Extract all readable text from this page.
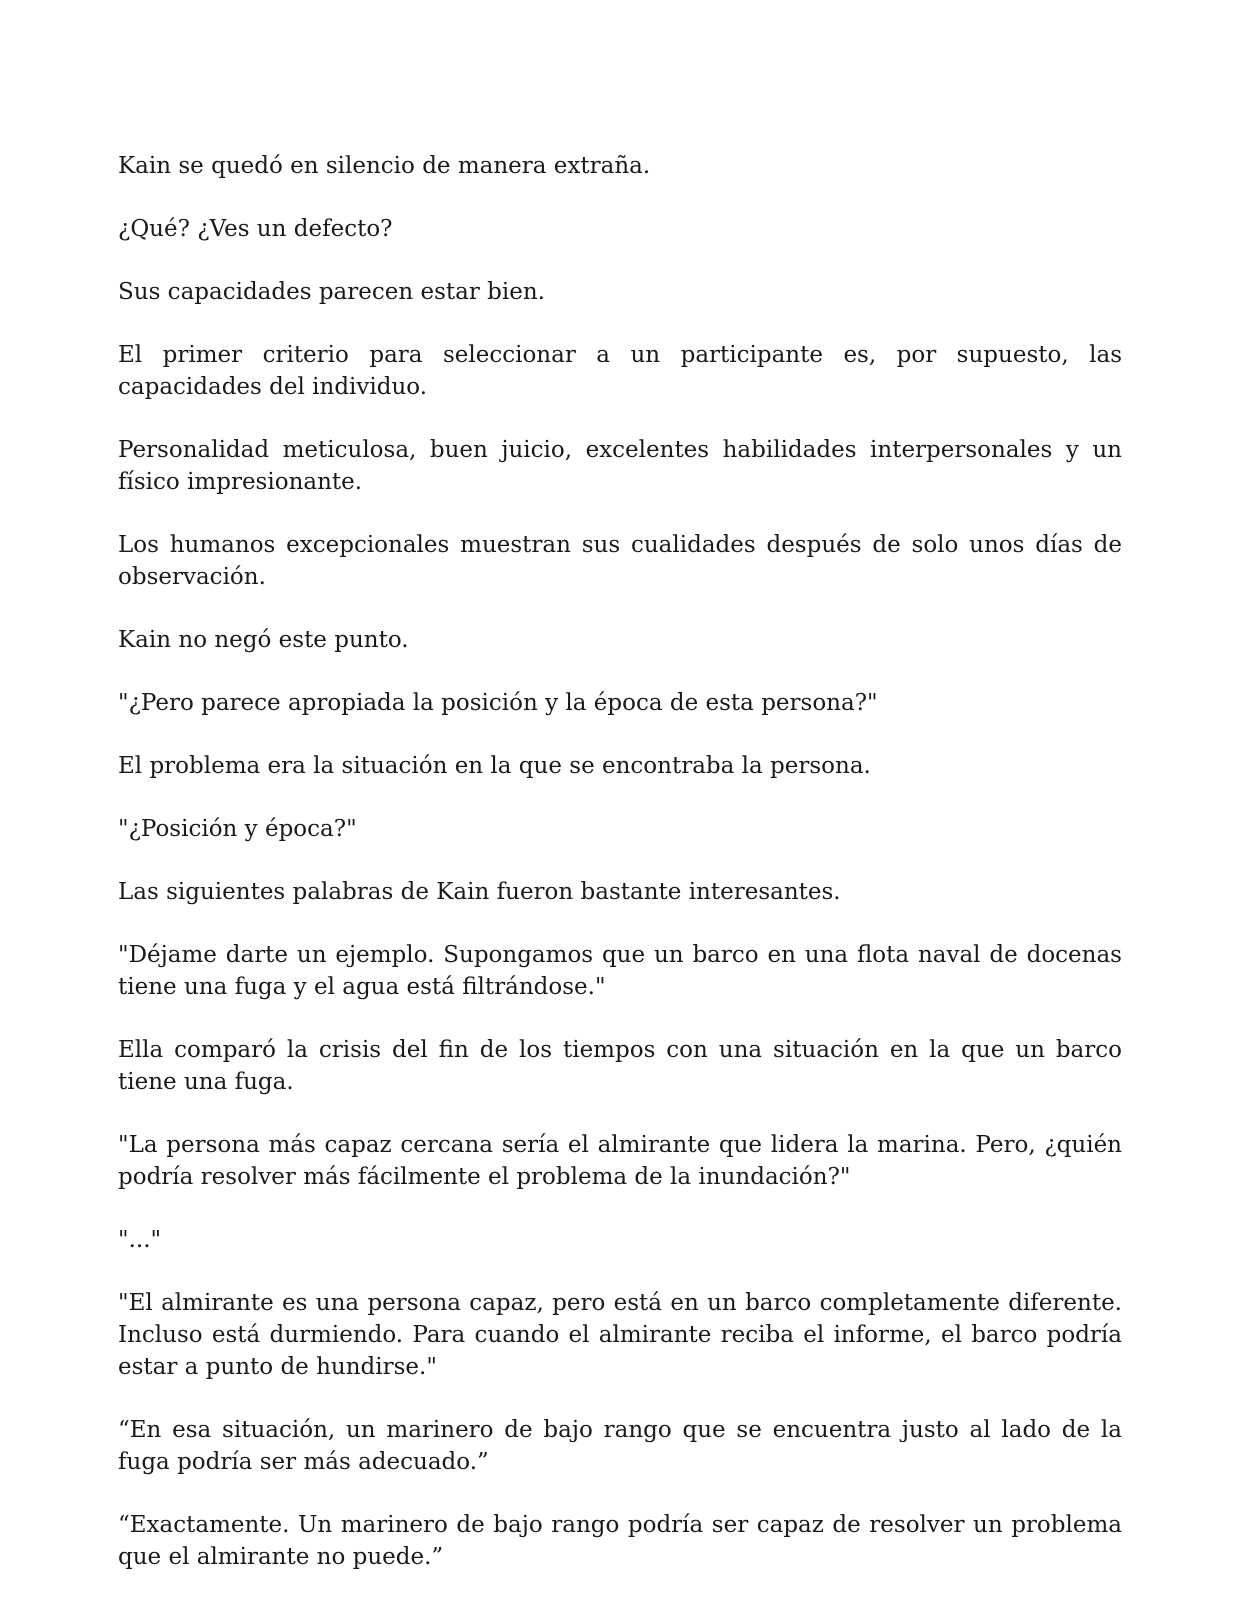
Kain se quedó en silencio de manera extraña.

¿Qué? ¿Ves un defecto?

Sus capacidades parecen estar bien.

El primer criterio para seleccionar a un participante es, por supuesto, las capacidades del individuo.

Personalidad meticulosa, buen juicio, excelentes habilidades interpersonales y un físico impresionante.

Los humanos excepcionales muestran sus cualidades después de solo unos días de observación.

Kain no negó este punto.

"¿Pero parece apropiada la posición y la época de esta persona?"

El problema era la situación en la que se encontraba la persona.

"¿Posición y época?"

Las siguientes palabras de Kain fueron bastante interesantes.

"Déjame darte un ejemplo. Supongamos que un barco en una flota naval de docenas tiene una fuga y el agua está filtrándose."

Ella comparó la crisis del fin de los tiempos con una situación en la que un barco tiene una fuga.

"La persona más capaz cercana sería el almirante que lidera la marina. Pero, ¿quién podría resolver más fácilmente el problema de la inundación?"

"..."

"El almirante es una persona capaz, pero está en un barco completamente diferente. Incluso está durmiendo. Para cuando el almirante reciba el informe, el barco podría estar a punto de hundirse."

“En esa situación, un marinero de bajo rango que se encuentra justo al lado de la fuga podría ser más adecuado.”

“Exactamente. Un marinero de bajo rango podría ser capaz de resolver un problema que el almirante no puede.”
